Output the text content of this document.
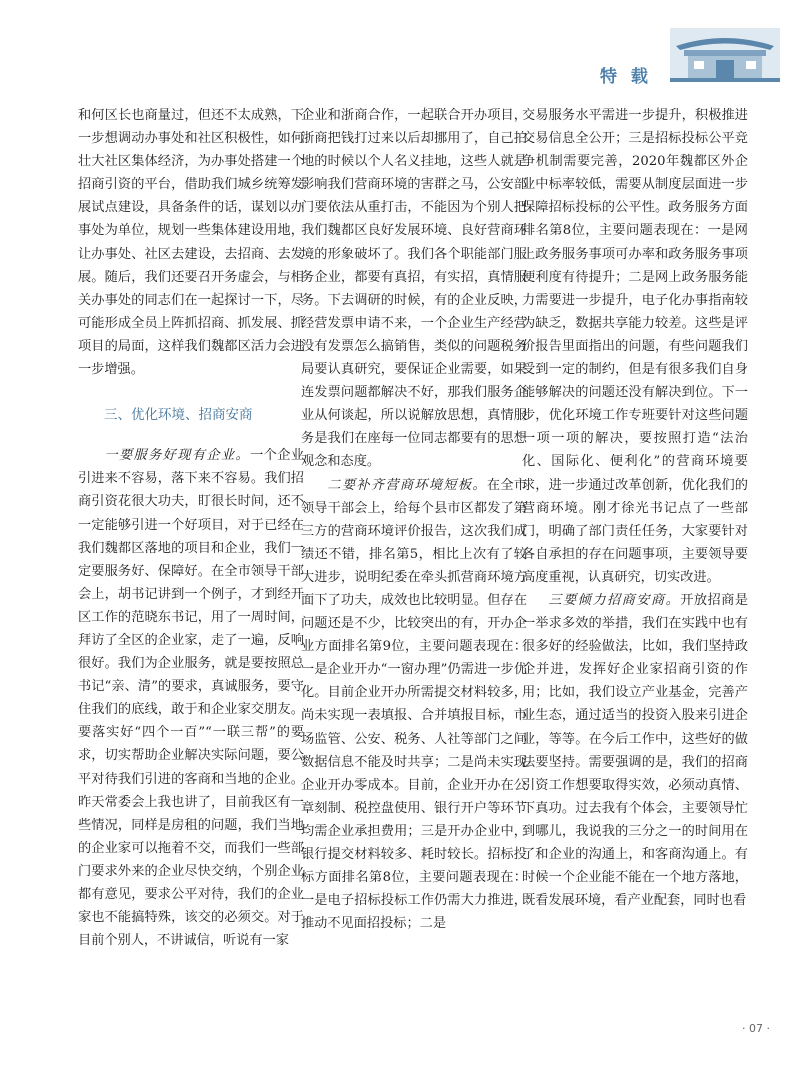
特 载

和何区长也商量过，但还不太成熟，下一步想调动办事处和社区积极性，如何壮大社区集体经济，为办事处搭建一个招商引资的平台，借助我们城乡统筹发展试点建设，具备条件的话，谋划以办事处为单位，规划一些集体建设用地，让办事处、社区去建设，去招商、去发展。随后，我们还要召开务虚会，与相关办事处的同志们在一起探讨一下，尽可能形成全员上阵抓招商、抓发展、抓项目的局面，这样我们魏都区活力会进一步增强。

三、优化环境、招商安商

一要服务好现有企业。一个企业引进来不容易，落下来不容易。我们招商引资花很大功夫，盯很长时间，还不一定能够引进一个好项目，对于已经在我们魏都区落地的项目和企业，我们一定要服务好、保障好。在全市领导干部会上，胡书记讲到一个例子，才到经开区工作的范晓东书记，用了一周时间，拜访了全区的企业家，走了一遍，反响很好。我们为企业服务，就是要按照总书记“亲、清”的要求，真诚服务，要守住我们的底线，敢于和企业家交朋友。要落实好“四个一百”“一联三帮”的要求，切实帮助企业解决实际问题，要公平对待我们引进的客商和当地的企业。昨天常委会上我也讲了，目前我区有一些情况，同样是房租的问题，我们当地的企业家可以拖着不交，而我们一些部门要求外来的企业尽快交纳，个别企业都有意见，要求公平对待，我们的企业家也不能搞特殊，该交的必须交。对于目前个别人，不讲诚信，听说有一家

企业和浙商合作，一起联合开办项目，浙商把钱打过来以后却挪用了，自己拍地的时候以个人名义挂地，这些人就是影响我们营商环境的害群之马，公安部门要依法从重打击，不能因为个别人把我们魏都区良好发展环境、良好营商环境的形象破坏了。我们各个职能部门服务企业，都要有真招，有实招，真情服务。下去调研的时候，有的企业反映，经营发票申请不来，一个企业生产经营没有发票怎么搞销售，类似的问题税务局要认真研究，要保证企业需要，如果连发票问题都解决不好，那我们服务企业从何谈起，所以说解放思想，真情服务是我们在座每一位同志都要有的思想观念和态度。

二要补齐营商环境短板。在全市领导干部会上，给每个县市区都发了第三方的营商环境评价报告，这次我们成绩还不错，排名第5，相比上次有了较大进步，说明纪委在牵头抓营商环境方面下了功夫，成效也比较明显。但存在问题还是不少，比较突出的有，开办企业方面排名第9位，主要问题表现在：一是企业开办“一窗办理”仍需进一步优化。目前企业开办所需提交材料较多，尚未实现一表填报、合并填报目标，市场监管、公安、税务、人社等部门之间数据信息不能及时共享；二是尚未实现企业开办零成本。目前，企业开办在公章刻制、税控盘使用、银行开户等环节均需企业承担费用；三是开办企业中，银行提交材料较多、耗时较长。招标投标方面排名第8位，主要问题表现在：一是电子招标投标工作仍需大力推进，推动不见面招投标；二是

交易服务水平需进一步提升，积极推进交易信息全公开；三是招标投标公平竞争机制需要完善，2020年魏都区外企业中标率较低，需要从制度层面进一步保障招标投标的公平性。政务服务方面排名第8位，主要问题表现在：一是网上政务服务事项可办率和政务服务事项便利度有待提升；二是网上政务服务能力需要进一步提升，电子化办事指南较为缺乏，数据共享能力较差。这些是评价报告里面指出的问题，有些问题我们受到一定的制约，但是有很多我们自身能够解决的问题还没有解决到位。下一步，优化环境工作专班要针对这些问题一项一项的解决，要按照打造“法治化、国际化、便利化”的营商环境要求，进一步通过改革创新，优化我们的营商环境。刚才徐光书记点了一些部门，明确了部门责任任务，大家要针对各自承担的存在问题事项，主要领导要高度重视，认真研究，切实改进。

三要倾力招商安商。开放招商是一举求多效的举措，我们在实践中也有很多好的经验做法，比如，我们坚持政企并进，发挥好企业家招商引资的作用；比如，我们设立产业基金，完善产业生态，通过适当的投资入股来引进企业，等等。在今后工作中，这些好的做法要坚持。需要强调的是，我们的招商引资工作想要取得实效，必须动真情、下真功。过去我有个体会，主要领导忙到哪儿，我说我的三分之一的时间用在了和企业的沟通上，和客商沟通上。有时候一个企业能不能在一个地方落地，既看发展环境，看产业配套，同时也看

· 07 ·
